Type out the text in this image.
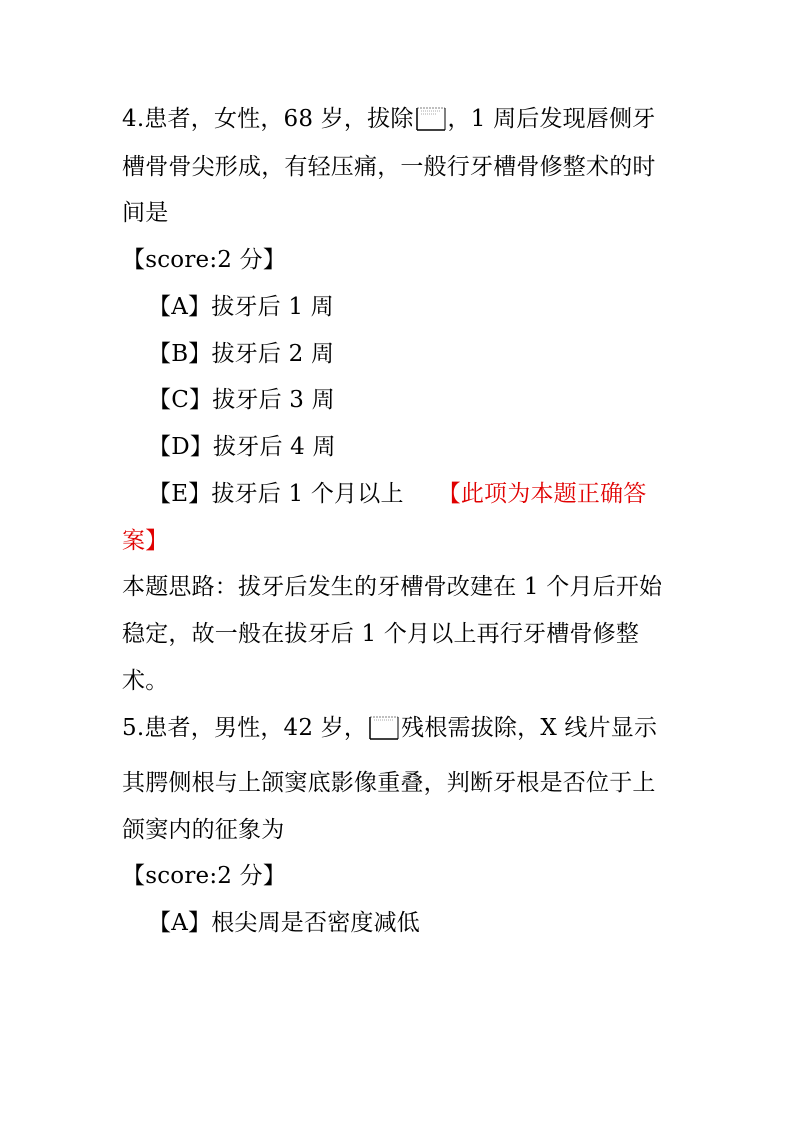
4.患者，女性，68 岁，拔除 ，1 周后发现唇侧牙
槽骨骨尖形成，有轻压痛，一般行牙槽骨修整术的时
间是
【score:2 分】
【A】拔牙后 1 周
【B】拔牙后 2 周
【C】拔牙后 3 周
【D】拔牙后 4 周
【E】拔牙后 1 个月以上 【此项为本题正确答
案】
本题思路：拔牙后发生的牙槽骨改建在 1 个月后开始
稳定，故一般在拔牙后 1 个月以上再行牙槽骨修整
术。
5.患者，男性，42 岁， 残根需拔除，X 线片显示
其腭侧根与上颌窦底影像重叠，判断牙根是否位于上
颌窦内的征象为
【score:2 分】
【A】根尖周是否密度减低
